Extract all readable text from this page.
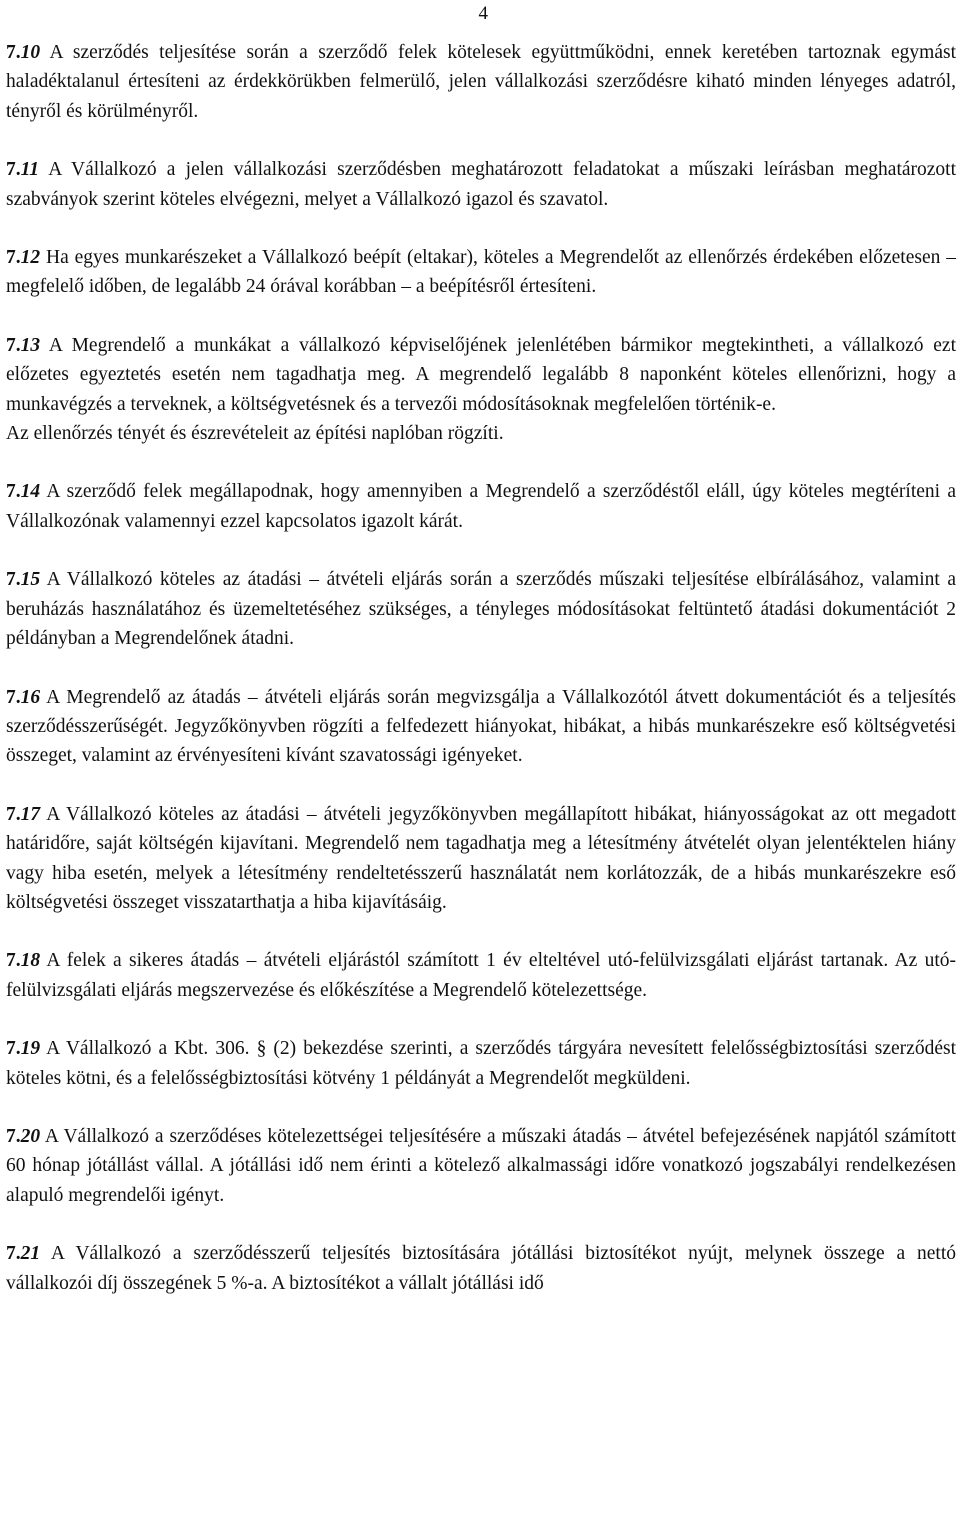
4

7.10 A szerződés teljesítése során a szerződő felek kötelesek együttműködni, ennek keretében tartoznak egymást haladéktalanul értesíteni az érdekkörükben felmerülő, jelen vállalkozási szerződésre kiható minden lényeges adatról, tényről és körülményről.

7.11 A Vállalkozó a jelen vállalkozási szerződésben meghatározott feladatokat a műszaki leírásban meghatározott szabványok szerint köteles elvégezni, melyet a Vállalkozó igazol és szavatol.

7.12 Ha egyes munkarészeket a Vállalkozó beépít (eltakar), köteles a Megrendelőt az ellenőrzés érdekében előzetesen – megfelelő időben, de legalább 24 órával korábban – a beépítésről értesíteni.

7.13 A Megrendelő a munkákat a vállalkozó képviselőjének jelenlétében bármikor megtekintheti, a vállalkozó ezt előzetes egyeztetés esetén nem tagadhatja meg. A megrendelő legalább 8 naponként köteles ellenőrizni, hogy a munkavégzés a terveknek, a költségvetésnek és a tervezői módosításoknak megfelelően történik-e.

Az ellenőrzés tényét és észrevételeit az építési naplóban rögzíti.

7.14 A szerződő felek megállapodnak, hogy amennyiben a Megrendelő a szerződéstől eláll, úgy köteles megtéríteni a Vállalkozónak valamennyi ezzel kapcsolatos igazolt kárát.

7.15 A Vállalkozó köteles az átadási – átvételi eljárás során a szerződés műszaki teljesítése elbírálásához, valamint a beruházás használatához és üzemeltetéséhez szükséges, a tényleges módosításokat feltüntető átadási dokumentációt 2 példányban a Megrendelőnek átadni.

7.16 A Megrendelő az átadás – átvételi eljárás során megvizsgálja a Vállalkozótól átvett dokumentációt és a teljesítés szerződésszerűségét. Jegyzőkönyvben rögzíti a felfedezett hiányokat, hibákat, a hibás munkarészekre eső költségvetési összeget, valamint az érvényesíteni kívánt szavatossági igényeket.

7.17 A Vállalkozó köteles az átadási – átvételi jegyzőkönyvben megállapított hibákat, hiányosságokat az ott megadott határidőre, saját költségén kijavítani. Megrendelő nem tagadhatja meg a létesítmény átvételét olyan jelentéktelen hiány vagy hiba esetén, melyek a létesítmény rendeltetésszerű használatát nem korlátozzák, de a hibás munkarészekre eső költségvetési összeget visszatarthatja a hiba kijavításáig.

7.18 A felek a sikeres átadás – átvételi eljárástól számított 1 év elteltével utó-felülvizsgálati eljárást tartanak. Az utó-felülvizsgálati eljárás megszervezése és előkészítése a Megrendelő kötelezettsége.

7.19 A Vállalkozó a Kbt. 306. § (2) bekezdése szerinti, a szerződés tárgyára nevesített felelősségbiztosítási szerződést köteles kötni, és a felelősségbiztosítási kötvény 1 példányát a Megrendelőt megküldeni.

7.20 A Vállalkozó a szerződéses kötelezettségei teljesítésére a műszaki átadás – átvétel befejezésének napjától számított 60 hónap jótállást vállal. A jótállási idő nem érinti a kötelező alkalmassági időre vonatkozó jogszabályi rendelkezésen alapuló megrendelői igényt.

7.21 A Vállalkozó a szerződésszerű teljesítés biztosítására jótállási biztosítékot nyújt, melynek összege a nettó vállalkozói díj összegének 5 %-a. A biztosítékot a vállalt jótállási idő
